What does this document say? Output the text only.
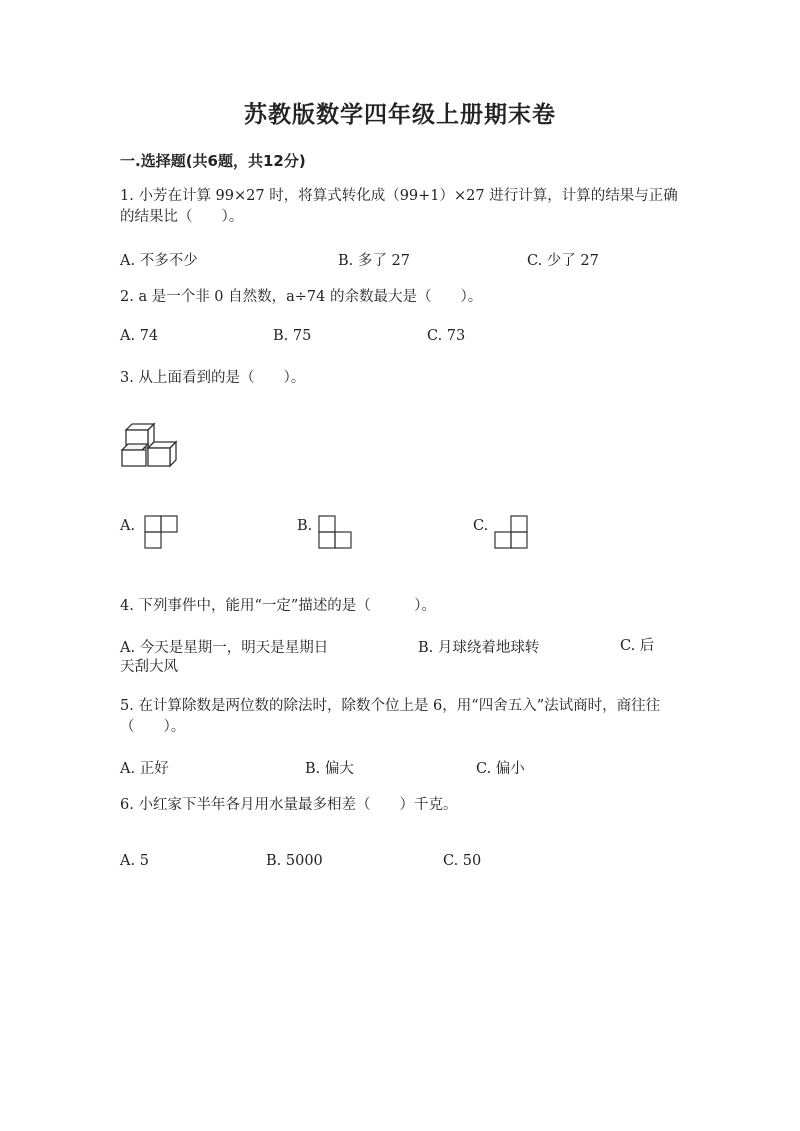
苏教版数学四年级上册期末卷
一.选择题(共6题，共12分)
1. 小芳在计算 99×27 时，将算式转化成（99+1）×27 进行计算，计算的结果与正确的结果比（　　）。
A. 不多不少	B. 多了 27	C. 少了 27
2. a 是一个非 0 自然数，a÷74 的余数最大是（　　）。
A. 74	B. 75	C. 73
3. 从上面看到的是（　　）。
A.	B.	C.
4. 下列事件中，能用“一定”描述的是（　　　）。
A. 今天是星期一，明天是星期日	B. 月球绕着地球转	C. 后天刮大风
5. 在计算除数是两位数的除法时，除数个位上是 6，用“四舍五入”法试商时，商往往（　　）。
A. 正好	B. 偏大	C. 偏小
6. 小红家下半年各月用水量最多相差（　　）千克。
A. 5	B. 5000	C. 50
